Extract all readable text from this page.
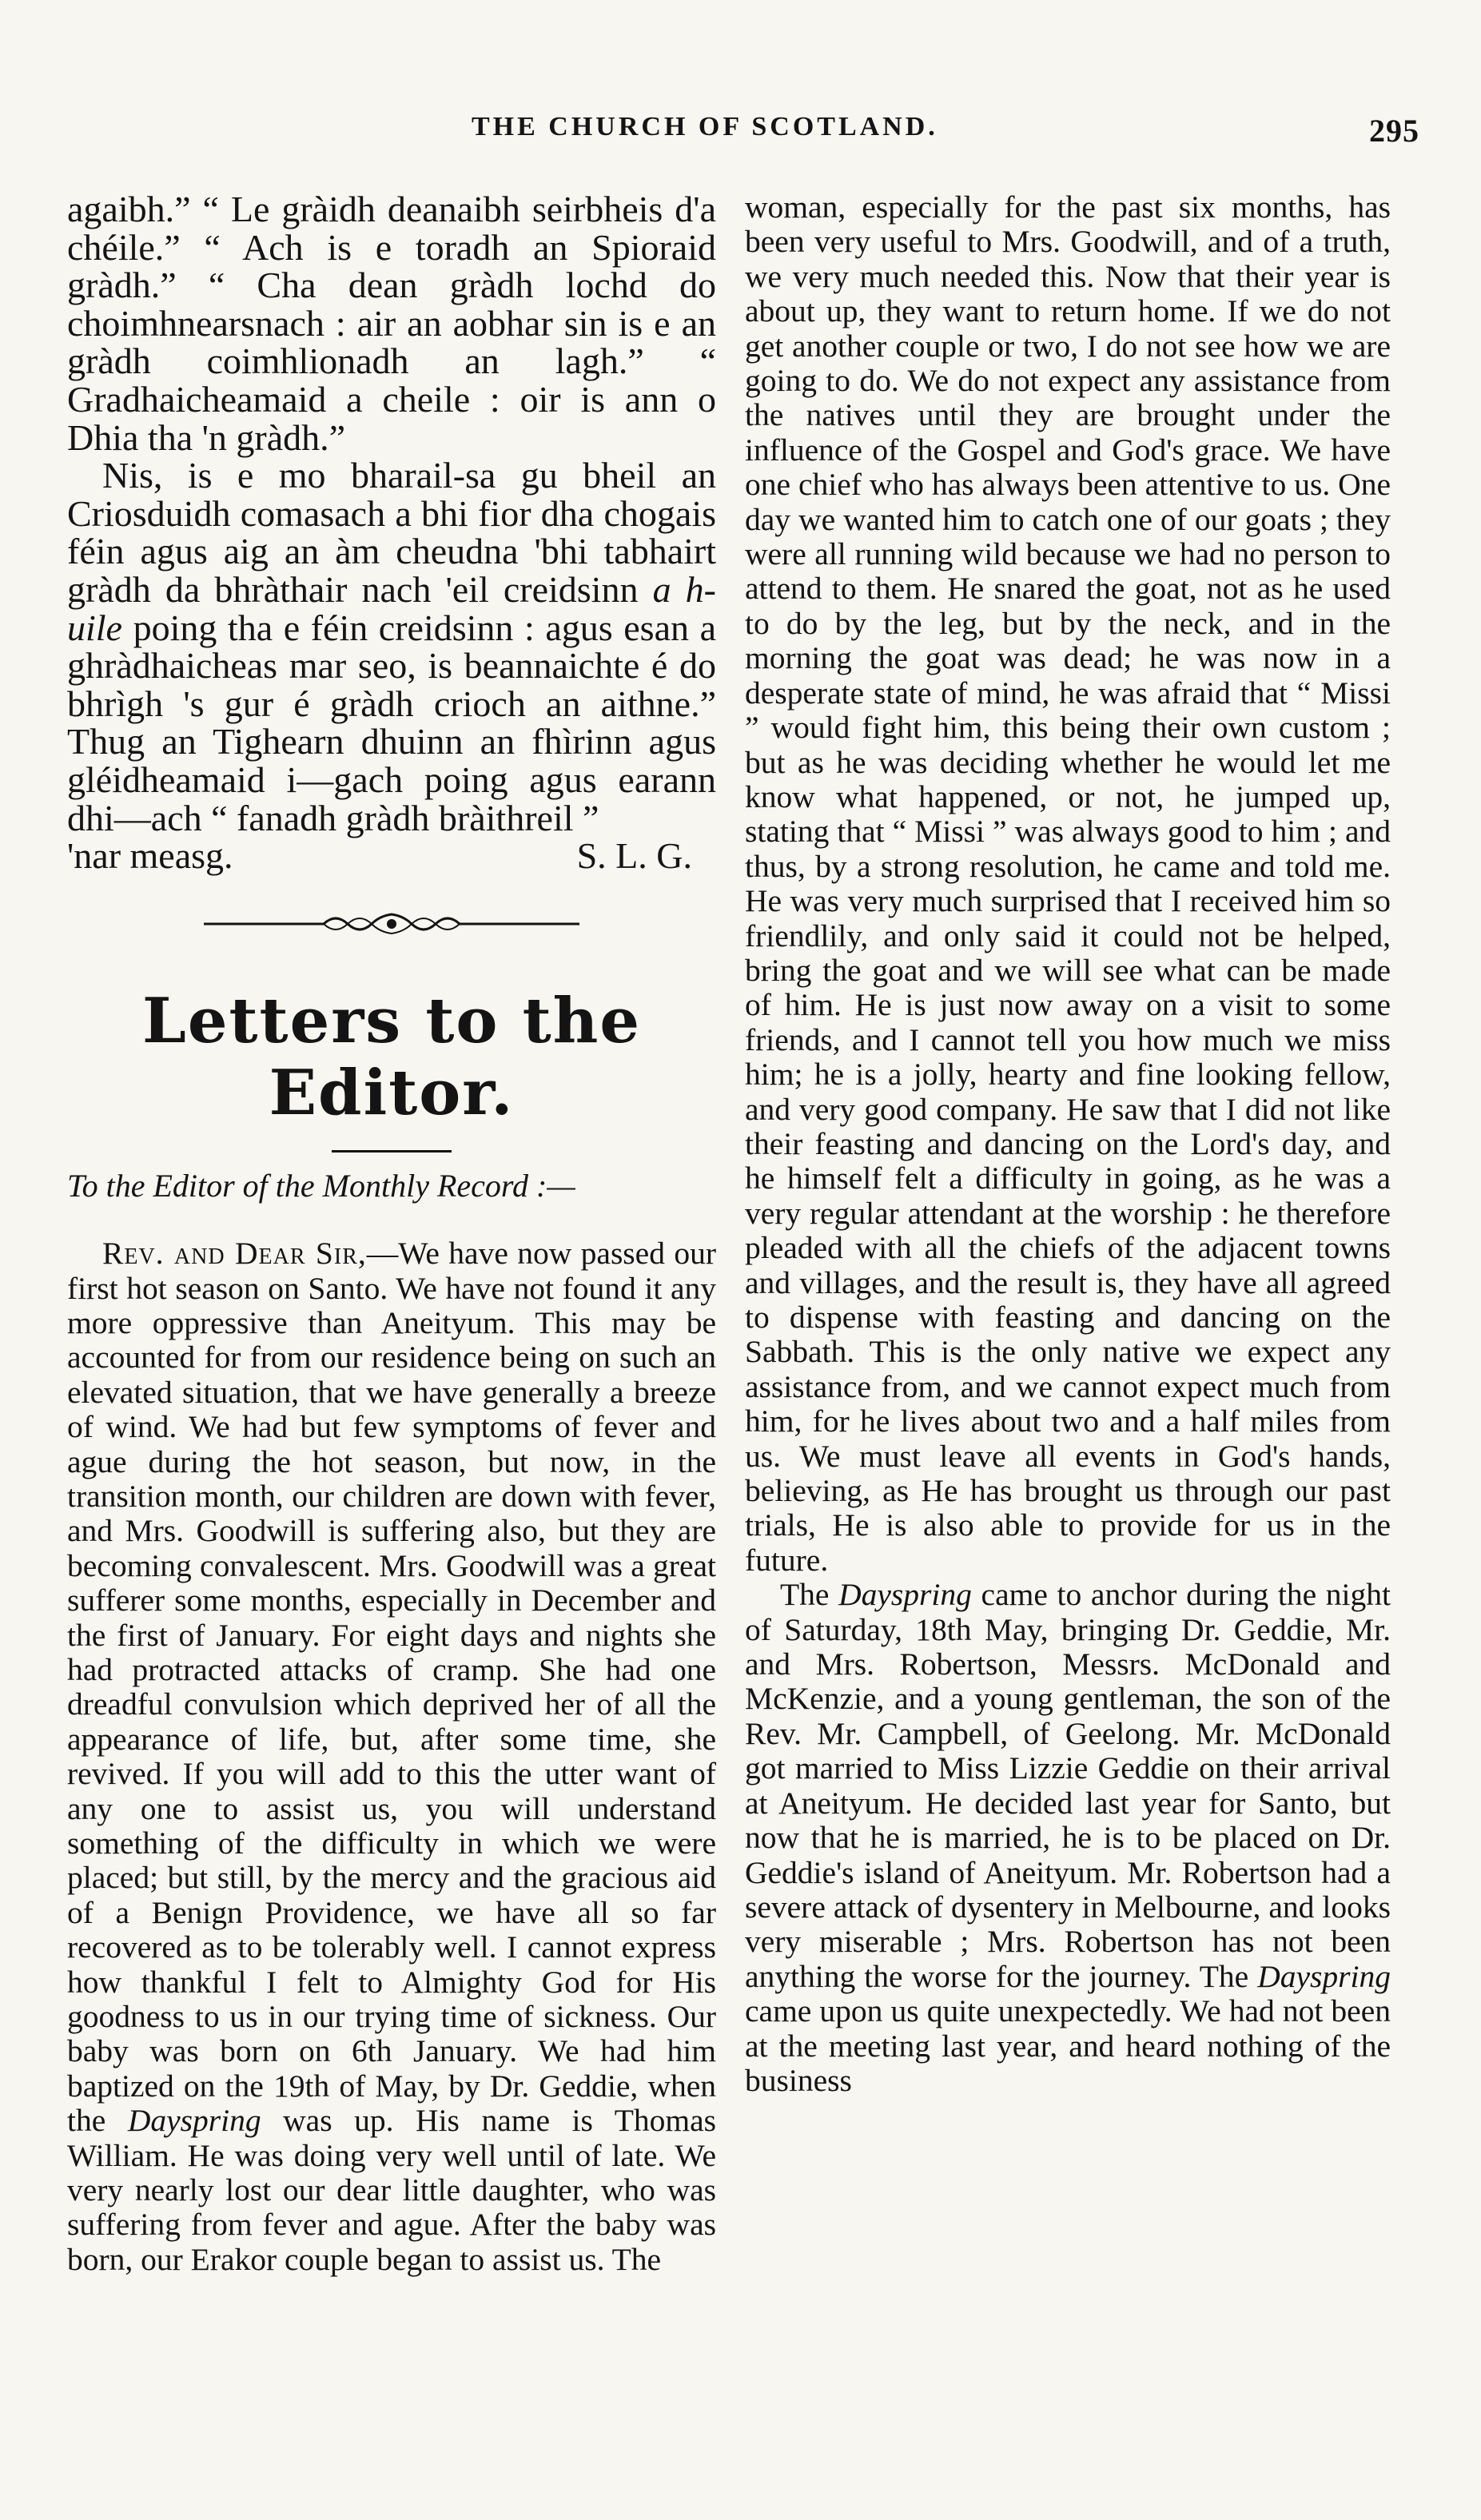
THE CHURCH OF SCOTLAND.	295

agaibh.” “ Le gràidh deanaibh seirbheis d'a chéile.” “ Ach is e toradh an Spioraid gràdh.” “ Cha dean gràdh lochd do choimhnearsnach : air an aobhar sin is e an gràdh coimhlionadh an lagh.” “ Gradhaicheamaid a cheile : oir is ann o Dhia tha 'n gràdh.”

Nis, is e mo bharail-sa gu bheil an Criosduidh comasach a bhi fior dha chogais féin agus aig an àm cheudna 'bhi tabhairt gràdh da bhràthair nach 'eil creidsinn a h-uile poing tha e féin creidsinn : agus esan a ghràdhaicheas mar seo, is beannaichte é do bhrìgh 's gur é gràdh crioch an aithne.” Thug an Tighearn dhuinn an fhìrinn agus gléidheamaid i—gach poing agus earann dhi—ach “ fanadh gràdh bràithreil ”

'nar measg.	S. L. G.

Letters to the Editor.

To the Editor of the Monthly Record :—

Rev. and Dear Sir,—We have now passed our first hot season on Santo. We have not found it any more oppressive than Aneityum. This may be accounted for from our residence being on such an elevated situation, that we have generally a breeze of wind. We had but few symptoms of fever and ague during the hot season, but now, in the transition month, our children are down with fever, and Mrs. Goodwill is suffering also, but they are becoming convalescent. Mrs. Goodwill was a great sufferer some months, especially in December and the first of January. For eight days and nights she had protracted attacks of cramp. She had one dreadful convulsion which deprived her of all the appearance of life, but, after some time, she revived. If you will add to this the utter want of any one to assist us, you will understand something of the difficulty in which we were placed; but still, by the mercy and the gracious aid of a Benign Providence, we have all so far recovered as to be tolerably well. I cannot express how thankful I felt to Almighty God for His goodness to us in our trying time of sickness. Our baby was born on 6th January. We had him baptized on the 19th of May, by Dr. Geddie, when the Dayspring was up. His name is Thomas William. He was doing very well until of late. We very nearly lost our dear little daughter, who was suffering from fever and ague. After the baby was born, our Erakor couple began to assist us. The

woman, especially for the past six months, has been very useful to Mrs. Goodwill, and of a truth, we very much needed this. Now that their year is about up, they want to return home. If we do not get another couple or two, I do not see how we are going to do. We do not expect any assistance from the natives until they are brought under the influence of the Gospel and God's grace. We have one chief who has always been attentive to us. One day we wanted him to catch one of our goats ; they were all running wild because we had no person to attend to them. He snared the goat, not as he used to do by the leg, but by the neck, and in the morning the goat was dead; he was now in a desperate state of mind, he was afraid that “ Missi ” would fight him, this being their own custom ; but as he was deciding whether he would let me know what happened, or not, he jumped up, stating that “ Missi ” was always good to him ; and thus, by a strong resolution, he came and told me. He was very much surprised that I received him so friendlily, and only said it could not be helped, bring the goat and we will see what can be made of him. He is just now away on a visit to some friends, and I cannot tell you how much we miss him; he is a jolly, hearty and fine looking fellow, and very good company. He saw that I did not like their feasting and dancing on the Lord's day, and he himself felt a difficulty in going, as he was a very regular attendant at the worship : he therefore pleaded with all the chiefs of the adjacent towns and villages, and the result is, they have all agreed to dispense with feasting and dancing on the Sabbath. This is the only native we expect any assistance from, and we cannot expect much from him, for he lives about two and a half miles from us. We must leave all events in God's hands, believing, as He has brought us through our past trials, He is also able to provide for us in the future.

The Dayspring came to anchor during the night of Saturday, 18th May, bringing Dr. Geddie, Mr. and Mrs. Robertson, Messrs. McDonald and McKenzie, and a young gentleman, the son of the Rev. Mr. Campbell, of Geelong. Mr. McDonald got married to Miss Lizzie Geddie on their arrival at Aneityum. He decided last year for Santo, but now that he is married, he is to be placed on Dr. Geddie's island of Aneityum. Mr. Robertson had a severe attack of dysentery in Melbourne, and looks very miserable ; Mrs. Robertson has not been anything the worse for the journey. The Dayspring came upon us quite unexpectedly. We had not been at the meeting last year, and heard nothing of the business
